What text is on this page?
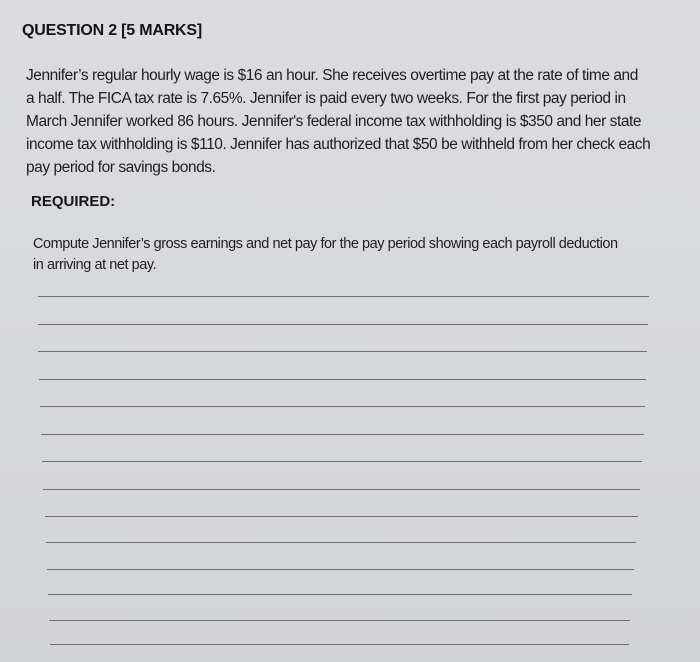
QUESTION 2 [5 MARKS]
Jennifer’s regular hourly wage is $16 an hour. She receives overtime pay at the rate of time and
a half. The FICA tax rate is 7.65%. Jennifer is paid every two weeks. For the first pay period in
March Jennifer worked 86 hours. Jennifer's federal income tax withholding is $350 and her state
income tax withholding is $110. Jennifer has authorized that $50 be withheld from her check each
pay period for savings bonds.
REQUIRED:
Compute Jennifer’s gross earnings and net pay for the pay period showing each payroll deduction
in arriving at net pay.
